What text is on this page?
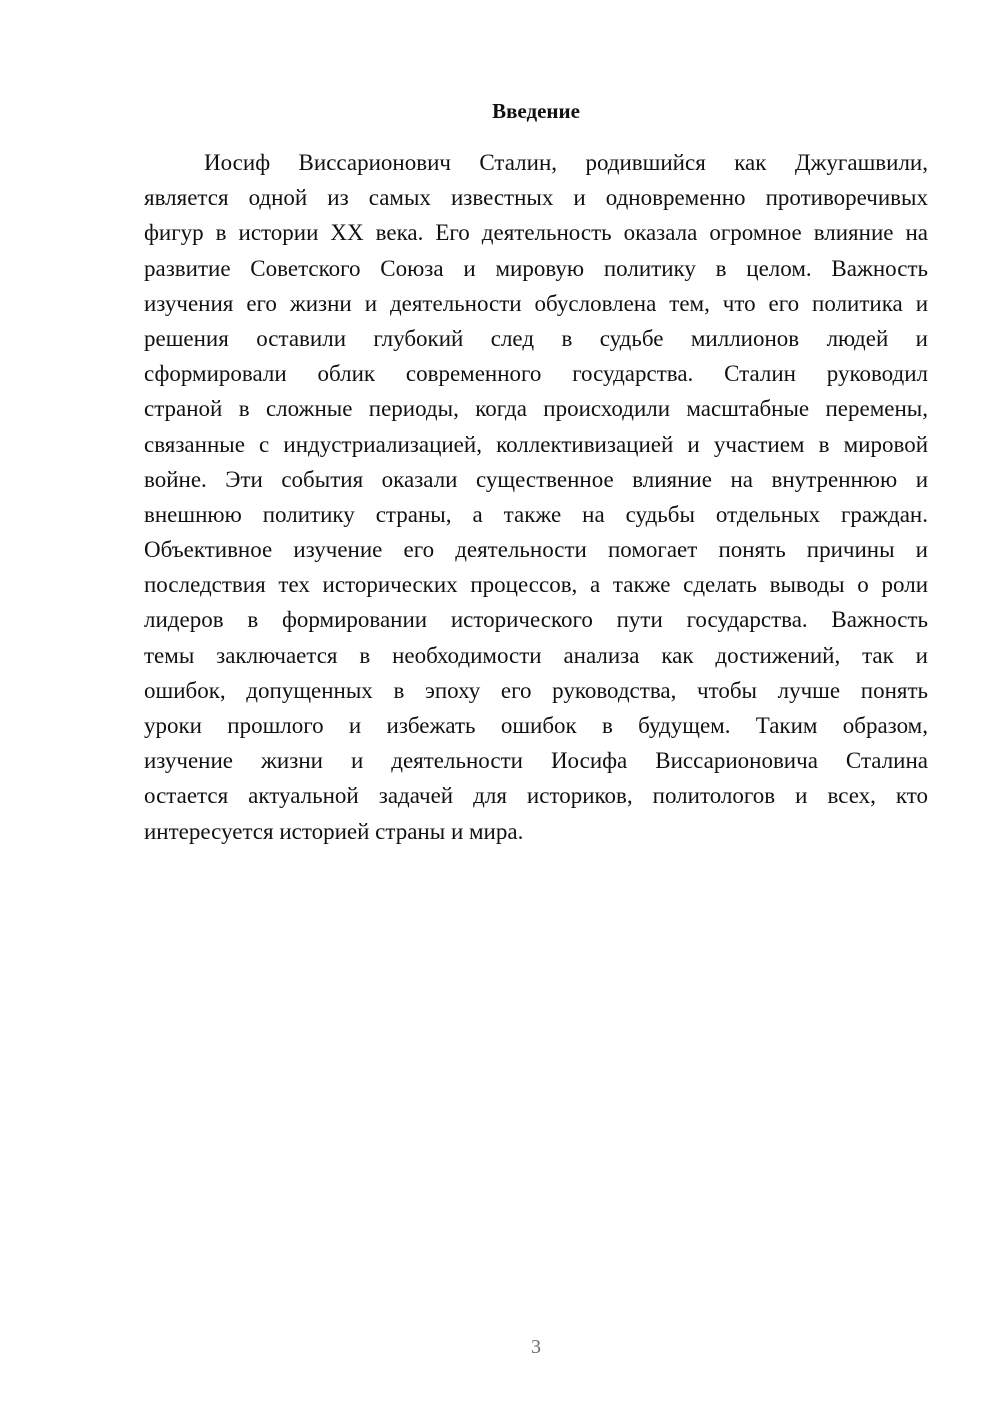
Введение
Иосиф Виссарионович Сталин, родившийся как Джугашвили,
является одной из самых известных и одновременно противоречивых
фигур в истории XX века. Его деятельность оказала огромное влияние на
развитие Советского Союза и мировую политику в целом. Важность
изучения его жизни и деятельности обусловлена тем, что его политика и
решения оставили глубокий след в судьбе миллионов людей и
сформировали облик современного государства. Сталин руководил
страной в сложные периоды, когда происходили масштабные перемены,
связанные с индустриализацией, коллективизацией и участием в мировой
войне. Эти события оказали существенное влияние на внутреннюю и
внешнюю политику страны, а также на судьбы отдельных граждан.
Объективное изучение его деятельности помогает понять причины и
последствия тех исторических процессов, а также сделать выводы о роли
лидеров в формировании исторического пути государства. Важность
темы заключается в необходимости анализа как достижений, так и
ошибок, допущенных в эпоху его руководства, чтобы лучше понять
уроки прошлого и избежать ошибок в будущем. Таким образом,
изучение жизни и деятельности Иосифа Виссарионовича Сталина
остается актуальной задачей для историков, политологов и всех, кто
интересуется историей страны и мира.
3
